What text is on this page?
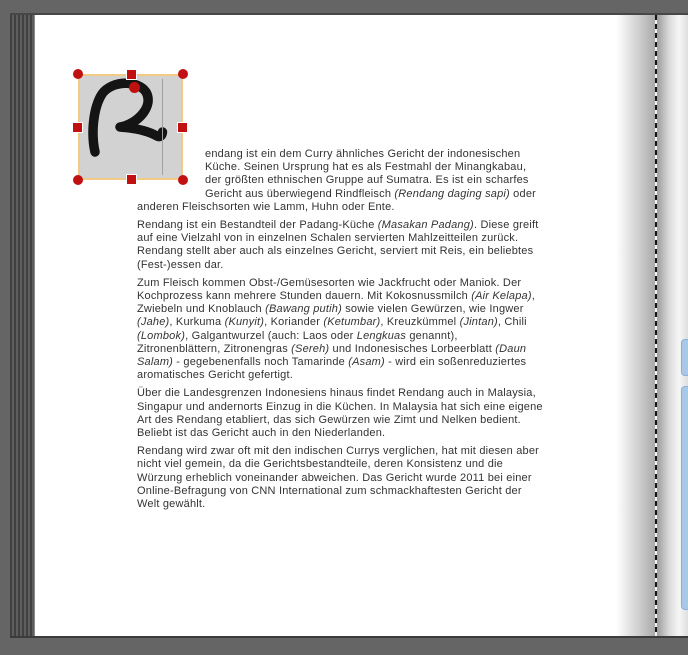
endang ist ein dem Curry ähnliches Gericht der indonesischen Küche. Seinen Ursprung hat es als Festmahl der Minangkabau, der größten ethnischen Gruppe auf Sumatra. Es ist ein scharfes Gericht aus überwiegend Rindfleisch (Rendang daging sapi) oder anderen Fleischsorten wie Lamm, Huhn oder Ente.

Rendang ist ein Bestandteil der Padang-Küche (Masakan Padang). Diese greift auf eine Vielzahl von in einzelnen Schalen servierten Mahlzeitteilen zurück. Rendang stellt aber auch als einzelnes Gericht, serviert mit Reis, ein beliebtes (Fest-)essen dar.

Zum Fleisch kommen Obst-/Gemüsesorten wie Jackfrucht oder Maniok. Der Kochprozess kann mehrere Stunden dauern. Mit Kokosnussmilch (Air Kelapa), Zwiebeln und Knoblauch (Bawang putih) sowie vielen Gewürzen, wie Ingwer (Jahe), Kurkuma (Kunyit), Koriander (Ketumbar), Kreuzkümmel (Jintan), Chili (Lombok), Galgantwurzel (auch: Laos oder Lengkuas genannt), Zitronenblättern, Zitronengras (Sereh) und Indonesisches Lorbeerblatt (Daun Salam) - gegebenenfalls noch Tamarinde (Asam) - wird ein soßenreduziertes aromatisches Gericht gefertigt.

Über die Landesgrenzen Indonesiens hinaus findet Rendang auch in Malaysia, Singapur und andernorts Einzug in die Küchen. In Malaysia hat sich eine eigene Art des Rendang etabliert, das sich Gewürzen wie Zimt und Nelken bedient. Beliebt ist das Gericht auch in den Niederlanden.

Rendang wird zwar oft mit den indischen Currys verglichen, hat mit diesen aber nicht viel gemein, da die Gerichtsbestandteile, deren Konsistenz und die Würzung erheblich voneinander abweichen. Das Gericht wurde 2011 bei einer Online-Befragung von CNN International zum schmackhaftesten Gericht der Welt gewählt.
